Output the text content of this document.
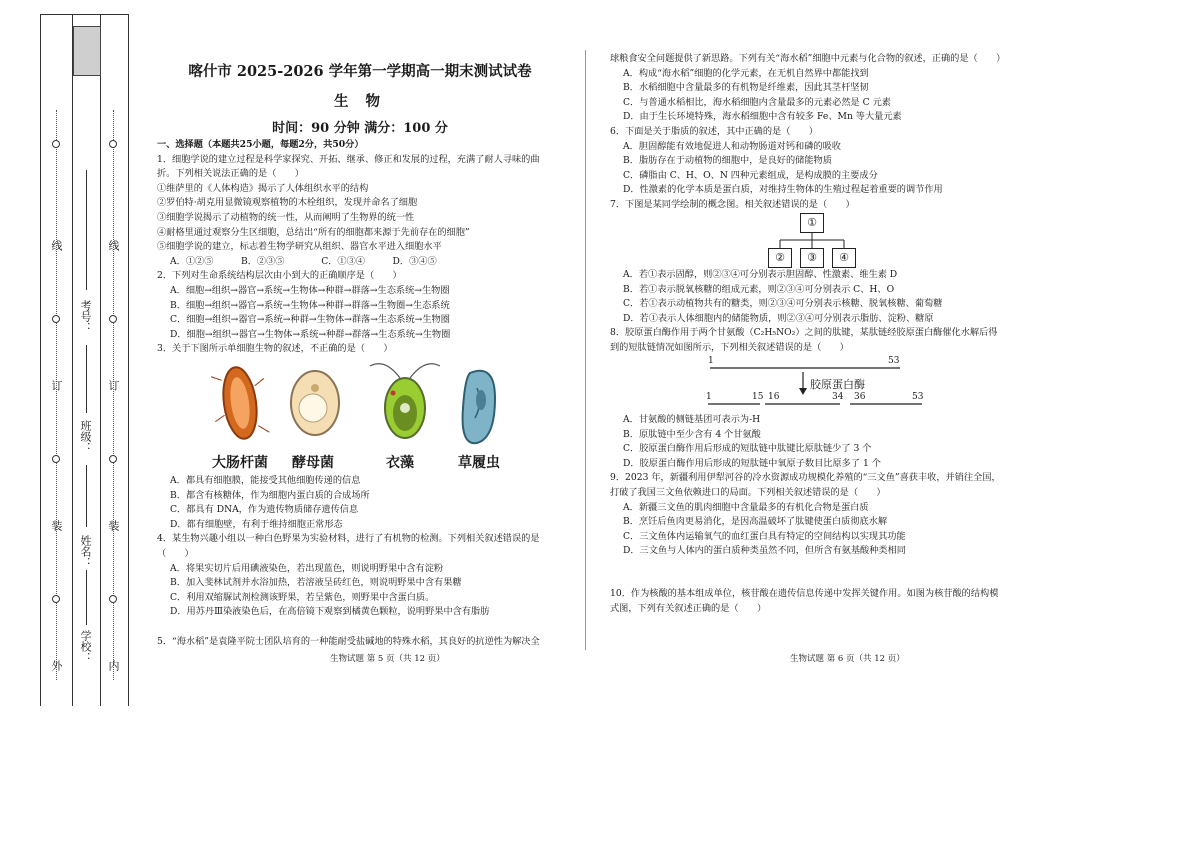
线
订
装
外
线
订
装
内
考号：
班级：
姓名：
学校：
喀什市 2025-2026 学年第一学期高一期末测试试卷
生 物
时间：90 分钟 满分：100 分
一、选择题（本题共25小题，每题2分，共50分）
1．细胞学说的建立过程是科学家探究、开拓、继承、修正和发展的过程，充满了耐人寻味的曲
折。下列相关说法正确的是（　　）
①维萨里的《人体构造》揭示了人体组织水平的结构
②罗伯特·胡克用显微镜观察植物的木栓组织，发现并命名了细胞
③细胞学说揭示了动植物的统一性，从而阐明了生物界的统一性
④耐格里通过观察分生区细胞，总结出“所有的细胞都来源于先前存在的细胞”
⑤细胞学说的建立，标志着生物学研究从组织、器官水平进入细胞水平
A．①②⑤　　　B．②③⑤　　　　C．①③④　　　D．③④⑤
2．下列对生命系统结构层次由小到大的正确顺序是（　　）
A．细胞→组织→器官→系统→生物体→种群→群落→生态系统→生物圈
B．细胞→组织→器官→系统→生物体→种群→群落→生物圈→生态系统
C．细胞→组织→器官→系统→种群→生物体→群落→生态系统→生物圈
D．细胞→组织→器官→生物体→系统→种群→群落→生态系统→生物圈
3．关于下图所示单细胞生物的叙述，不正确的是（　　）
大肠杆菌 酵母菌	衣藻	草履虫
A．都具有细胞膜，能接受其他细胞传递的信息
B．都含有核糖体，作为细胞内蛋白质的合成场所
C．都具有 DNA，作为遗传物质储存遗传信息
D．都有细胞壁，有利于维持细胞正常形态
4．某生物兴趣小组以一种白色野果为实验材料，进行了有机物的检测。下列相关叙述错误的是
（　　）
A．将果实切片后用碘液染色，若出现蓝色，则说明野果中含有淀粉
B．加入斐林试剂并水浴加热，若溶液呈砖红色，则说明野果中含有果糖
C．利用双缩脲试剂检测该野果，若呈紫色，则野果中含蛋白质。
D．用苏丹Ⅲ染液染色后，在高倍镜下观察到橘黄色颗粒，说明野果中含有脂肪
5．“海水稻”是袁隆平院士团队培育的一种能耐受盐碱地的特殊水稻，其良好的抗逆性为解决全
球粮食安全问题提供了新思路。下列有关“海水稻”细胞中元素与化合物的叙述，正确的是（　　）
A．构成“海水稻”细胞的化学元素，在无机自然界中都能找到
B．水稻细胞中含量最多的有机物是纤维素，因此其茎杆坚韧
C．与普通水稻相比，海水稻细胞内含量最多的元素必然是 C 元素
D．由于生长环境特殊，海水稻细胞中含有较多 Fe、Mn 等大量元素
6．下面是关于脂质的叙述，其中正确的是（　　）
A．胆固醇能有效地促进人和动物肠道对钙和磷的吸收
B．脂肪存在于动植物的细胞中，是良好的储能物质
C．磷脂由 C、H、O、N 四种元素组成，是构成膜的主要成分
D．性激素的化学本质是蛋白质，对维持生物体的生殖过程起着重要的调节作用
7．下图是某同学绘制的概念图。相关叙述错误的是（　　）
①
②	③	④
A．若①表示固醇，则②③④可分别表示胆固醇、性激素、维生素 D
B．若①表示脱氧核糖的组成元素，则②③④可分别表示 C、H、O
C．若①表示动植物共有的糖类，则②③④可分别表示核糖、脱氧核糖、葡萄糖
D．若①表示人体细胞内的储能物质，则②③④可分别表示脂肪、淀粉、糖原
8．胶原蛋白酶作用于两个甘氨酸（C₂H₅NO₂）之间的肽键，某肽链经胶原蛋白酶催化水解后得
到的短肽链情况如图所示，下列相关叙述错误的是（　　）
1	53
胶原蛋白酶
1	15 16	34 36	53
A．甘氨酸的侧链基团可表示为-H
B．原肽链中至少含有 4 个甘氨酸
C．胶原蛋白酶作用后形成的短肽链中肽键比原肽链少了 3 个
D．胶原蛋白酶作用后形成的短肽链中氧原子数目比原多了 1 个
9．2023 年，新疆利用伊犁河谷的冷水资源成功规模化养殖的“三文鱼”喜获丰收，并销往全国，
打破了我国三文鱼依赖进口的局面。下列相关叙述错误的是（　　）
A．新疆三文鱼的肌肉细胞中含量最多的有机化合物是蛋白质
B．烹饪后鱼肉更易消化，是因高温破坏了肽键使蛋白质彻底水解
C．三文鱼体内运输氧气的血红蛋白具有特定的空间结构以实现其功能
D．三文鱼与人体内的蛋白质种类虽然不同，但所含有氨基酸种类相同
10．作为核酸的基本组成单位，核苷酸在遗传信息传递中发挥关键作用。如图为核苷酸的结构模
式图，下列有关叙述正确的是（　　）
生物试题 第 5 页（共 12 页）	生物试题 第 6 页（共 12 页）
